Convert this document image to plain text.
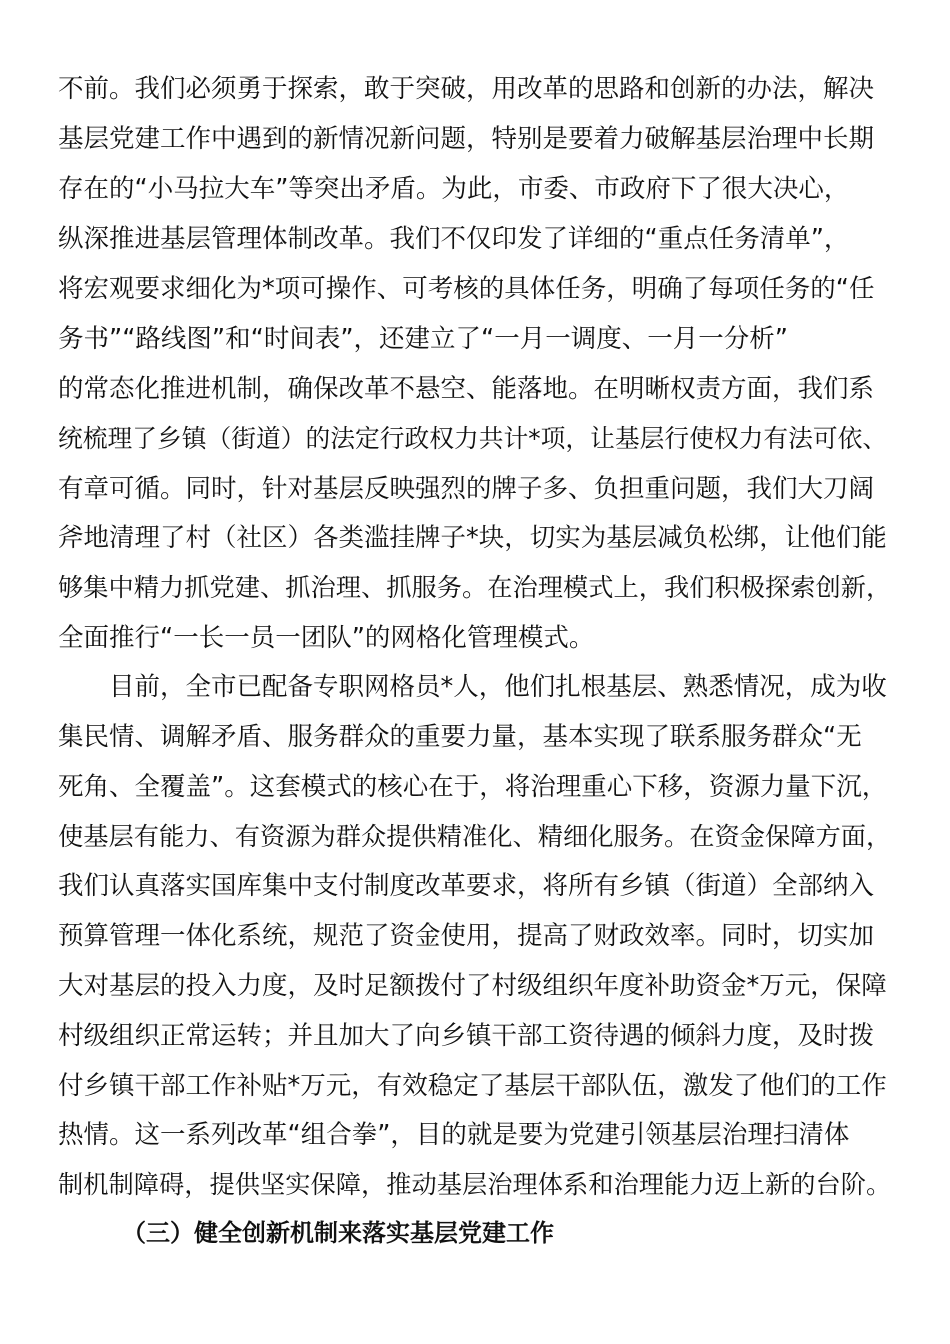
不前。我们必须勇于探索，敢于突破，用改革的思路和创新的办法，解决
基层党建工作中遇到的新情况新问题，特别是要着力破解基层治理中长期
存在的“小马拉大车”等突出矛盾。为此，市委、市政府下了很大决心，
纵深推进基层管理体制改革。我们不仅印发了详细的“重点任务清单”，
将宏观要求细化为*项可操作、可考核的具体任务，明确了每项任务的“任
务书”“路线图”和“时间表”，还建立了“一月一调度、一月一分析”
的常态化推进机制，确保改革不悬空、能落地。在明晰权责方面，我们系
统梳理了乡镇（街道）的法定行政权力共计*项，让基层行使权力有法可依、
有章可循。同时，针对基层反映强烈的牌子多、负担重问题，我们大刀阔
斧地清理了村（社区）各类滥挂牌子*块，切实为基层减负松绑，让他们能
够集中精力抓党建、抓治理、抓服务。在治理模式上，我们积极探索创新，
全面推行“一长一员一团队”的网格化管理模式。
　　目前，全市已配备专职网格员*人，他们扎根基层、熟悉情况，成为收
集民情、调解矛盾、服务群众的重要力量，基本实现了联系服务群众“无
死角、全覆盖”。这套模式的核心在于，将治理重心下移，资源力量下沉，
使基层有能力、有资源为群众提供精准化、精细化服务。在资金保障方面，
我们认真落实国库集中支付制度改革要求，将所有乡镇（街道）全部纳入
预算管理一体化系统，规范了资金使用，提高了财政效率。同时，切实加
大对基层的投入力度，及时足额拨付了村级组织年度补助资金*万元，保障
村级组织正常运转；并且加大了向乡镇干部工资待遇的倾斜力度，及时拨
付乡镇干部工作补贴*万元，有效稳定了基层干部队伍，激发了他们的工作
热情。这一系列改革“组合拳”，目的就是要为党建引领基层治理扫清体
制机制障碍，提供坚实保障，推动基层治理体系和治理能力迈上新的台阶。
（三）健全创新机制来落实基层党建工作
